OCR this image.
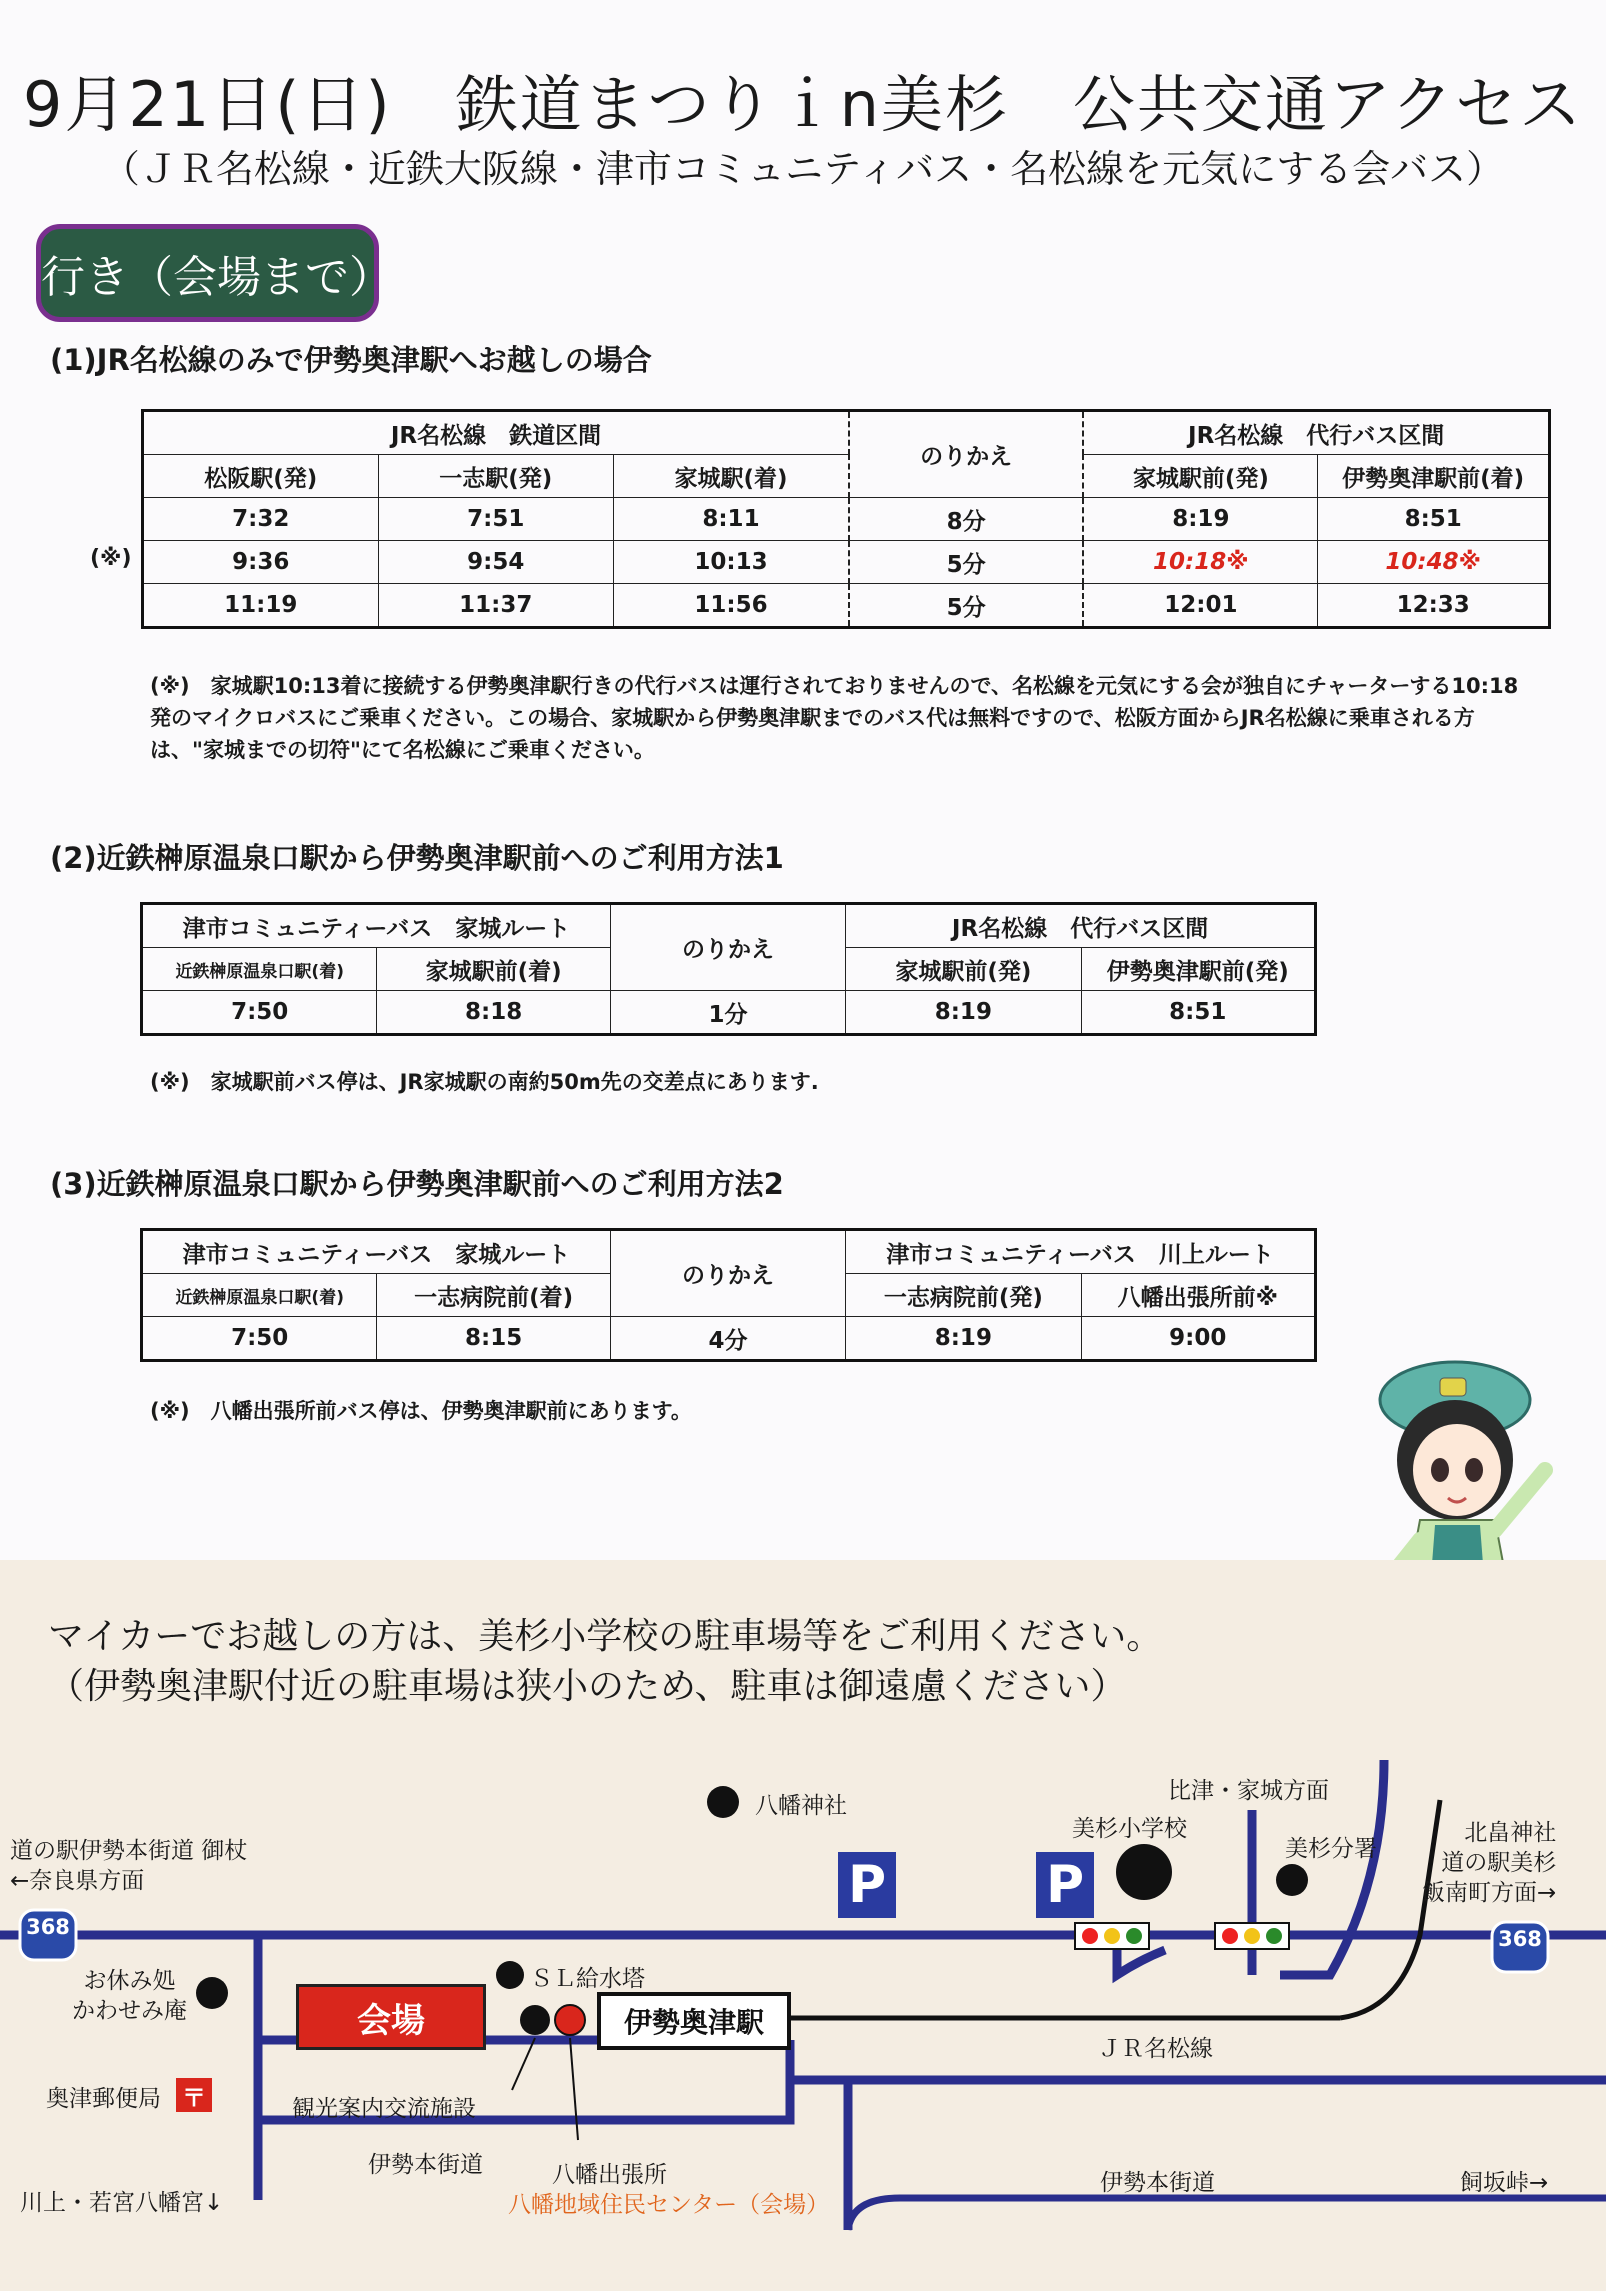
9月21日(日)　鉄道まつりｉn美杉　公共交通アクセス
（ＪＲ名松線・近鉄大阪線・津市コミュニティバス・名松線を元気にする会バス）
行き（会場まで）
(1)JR名松線のみで伊勢奥津駅へお越しの場合
(※)
JR名松線　鉄道区間			のりかえ	JR名松線　代行バス区間	
松阪駅(発)	一志駅(発)	家城駅(着)		家城駅前(発)	伊勢奥津駅前(着)
7:32	7:51	8:11	8分	8:19	8:51
9:36	9:54	10:13	5分	10:18※	10:48※
11:19	11:37	11:56	5分	12:01	12:33
(※)　家城駅10:13着に接続する伊勢奥津駅行きの代行バスは運行されておりませんので、名松線を元気にする会が独自にチャーターする10:18発のマイクロバスにご乗車ください。この場合、家城駅から伊勢奥津駅までのバス代は無料ですので、松阪方面からJR名松線に乗車される方は、"家城までの切符"にて名松線にご乗車ください。
(2)近鉄榊原温泉口駅から伊勢奥津駅前へのご利用方法1
津市コミュニティーバス　家城ルート		のりかえ	JR名松線　代行バス区間	
近鉄榊原温泉口駅(着)	家城駅前(着)		家城駅前(発)	伊勢奥津駅前(発)
7:50	8:18	1分	8:19	8:51
(※)　家城駅前バス停は、JR家城駅の南約50m先の交差点にあります.
(3)近鉄榊原温泉口駅から伊勢奥津駅前へのご利用方法2
津市コミュニティーバス　家城ルート		のりかえ	津市コミュニティーバス　川上ルート	
近鉄榊原温泉口駅(着)	一志病院前(着)		一志病院前(発)	八幡出張所前※
7:50	8:15	4分	8:19	9:00
(※)　八幡出張所前バス停は、伊勢奥津駅前にあります。
マイカーでお越しの方は、美杉小学校の駐車場等をご利用ください。
（伊勢奥津駅付近の駐車場は狭小のため、駐車は御遠慮ください）
368	368
〒
P	P
会場	伊勢奥津駅
八幡神社
比津・家城方面
美杉小学校
美杉分署
北畠神社
道の駅美杉
飯南町方面→
道の駅伊勢本街道 御杖
←奈良県方面
お休み処
かわせみ庵
ＳＬ給水塔
ＪＲ名松線
奥津郵便局	観光案内交流施設
伊勢本街道
伊勢本街道
八幡出張所
八幡地域住民センター（会場）
川上・若宮八幡宮↓
飼坂峠→
